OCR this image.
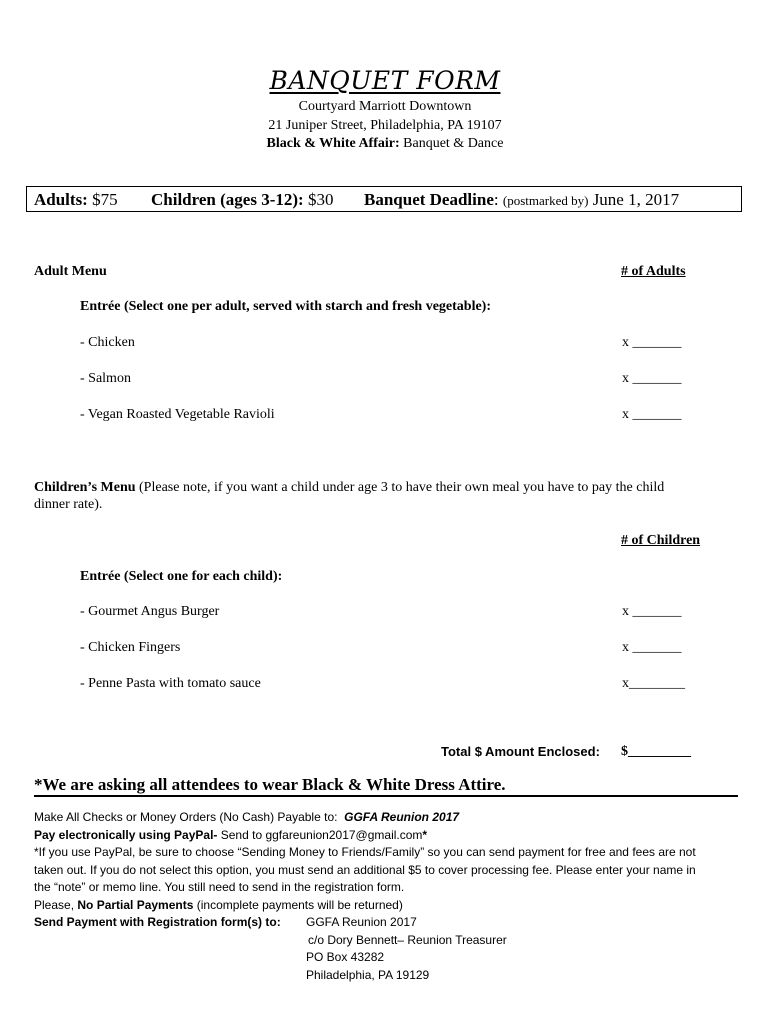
BANQUET FORM
Courtyard Marriott Downtown
21 Juniper Street, Philadelphia, PA 19107
Black & White Affair: Banquet & Dance
Adults: $75 Children (ages 3-12): $30 Banquet Deadline: (postmarked by) June 1, 2017
Adult Menu	# of Adults
Entrée (Select one per adult, served with starch and fresh vegetable):
- Chicken	x _______
- Salmon	x _______
- Vegan Roasted Vegetable Ravioli	x _______
Children’s Menu (Please note, if you want a child under age 3 to have their own meal you have to pay the child
dinner rate).
# of Children
Entrée (Select one for each child):
- Gourmet Angus Burger	x _______
- Chicken Fingers	x _______
- Penne Pasta with tomato sauce	x________
Total $ Amount Enclosed: $_________
*We are asking all attendees to wear Black & White Dress Attire.
Make All Checks or Money Orders (No Cash) Payable to: GGFA Reunion 2017
Pay electronically using PayPal- Send to ggfareunion2017@gmail.com*
*If you use PayPal, be sure to choose “Sending Money to Friends/Family” so you can send payment for free and fees are not
taken out. If you do not select this option, you must send an additional $5 to cover processing fee. Please enter your name in
the “note” or memo line. You still need to send in the registration form.
Please, No Partial Payments (incomplete payments will be returned)
Send Payment with Registration form(s) to: GGFA Reunion 2017
c/o Dory Bennett– Reunion Treasurer
PO Box 43282
Philadelphia, PA 19129
